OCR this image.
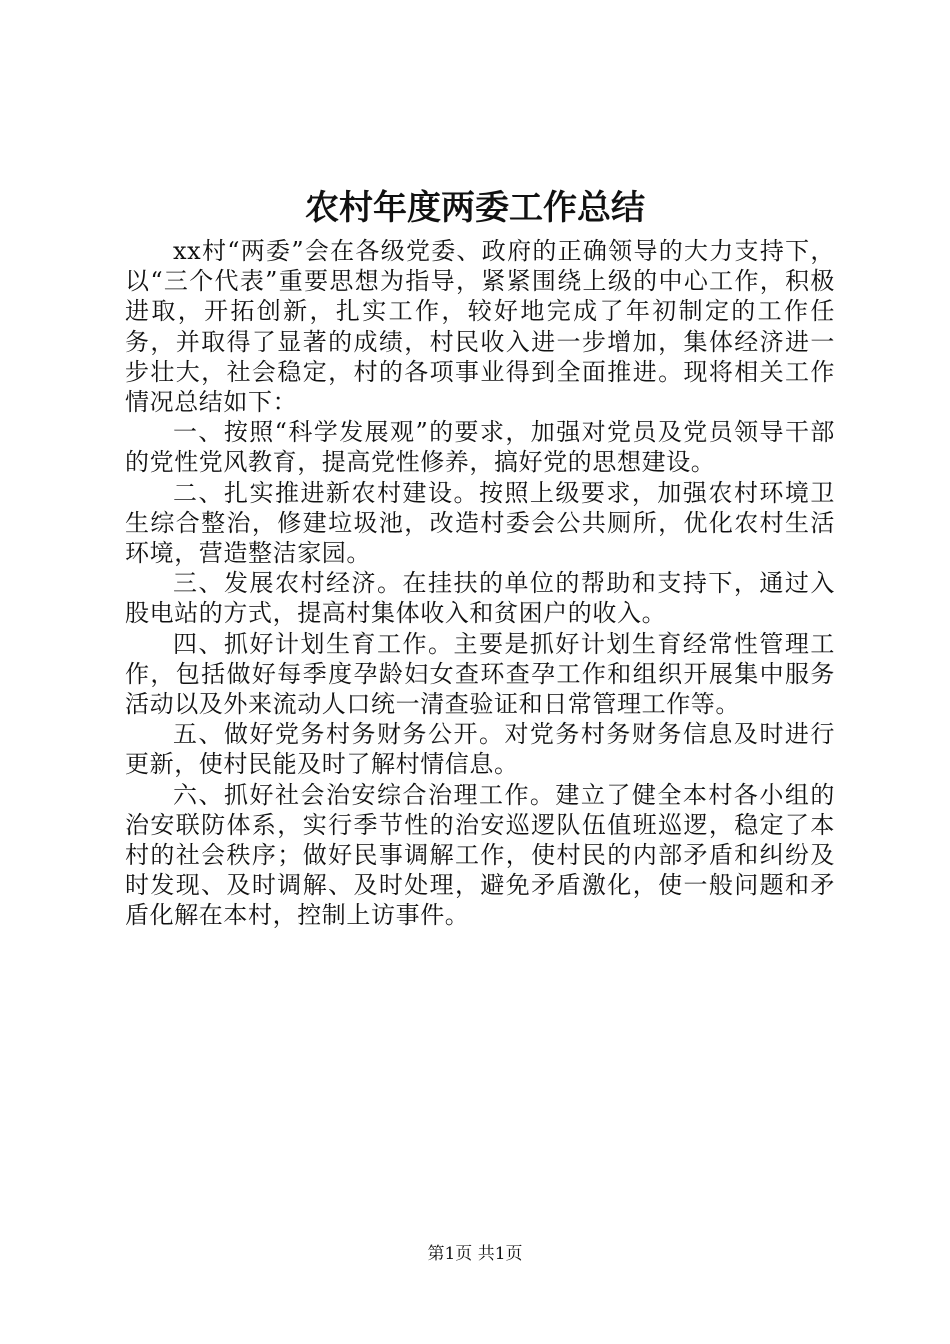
农村年度两委工作总结

xx村“两委”会在各级党委、政府的正确领导的大力支持下，以“三个代表”重要思想为指导，紧紧围绕上级的中心工作，积极进取，开拓创新，扎实工作，较好地完成了年初制定的工作任务，并取得了显著的成绩，村民收入进一步增加，集体经济进一步壮大，社会稳定，村的各项事业得到全面推进。现将相关工作情况总结如下：

一、按照“科学发展观”的要求，加强对党员及党员领导干部的党性党风教育，提高党性修养，搞好党的思想建设。

二、扎实推进新农村建设。按照上级要求，加强农村环境卫生综合整治，修建垃圾池，改造村委会公共厕所，优化农村生活环境，营造整洁家园。

三、发展农村经济。在挂扶的单位的帮助和支持下，通过入股电站的方式，提高村集体收入和贫困户的收入。

四、抓好计划生育工作。主要是抓好计划生育经常性管理工作，包括做好每季度孕龄妇女查环查孕工作和组织开展集中服务活动以及外来流动人口统一清查验证和日常管理工作等。

五、做好党务村务财务公开。对党务村务财务信息及时进行更新，使村民能及时了解村情信息。

六、抓好社会治安综合治理工作。建立了健全本村各小组的治安联防体系，实行季节性的治安巡逻队伍值班巡逻，稳定了本村的社会秩序；做好民事调解工作，使村民的内部矛盾和纠纷及时发现、及时调解、及时处理，避免矛盾激化，使一般问题和矛盾化解在本村，控制上访事件。

第1页 共1页
